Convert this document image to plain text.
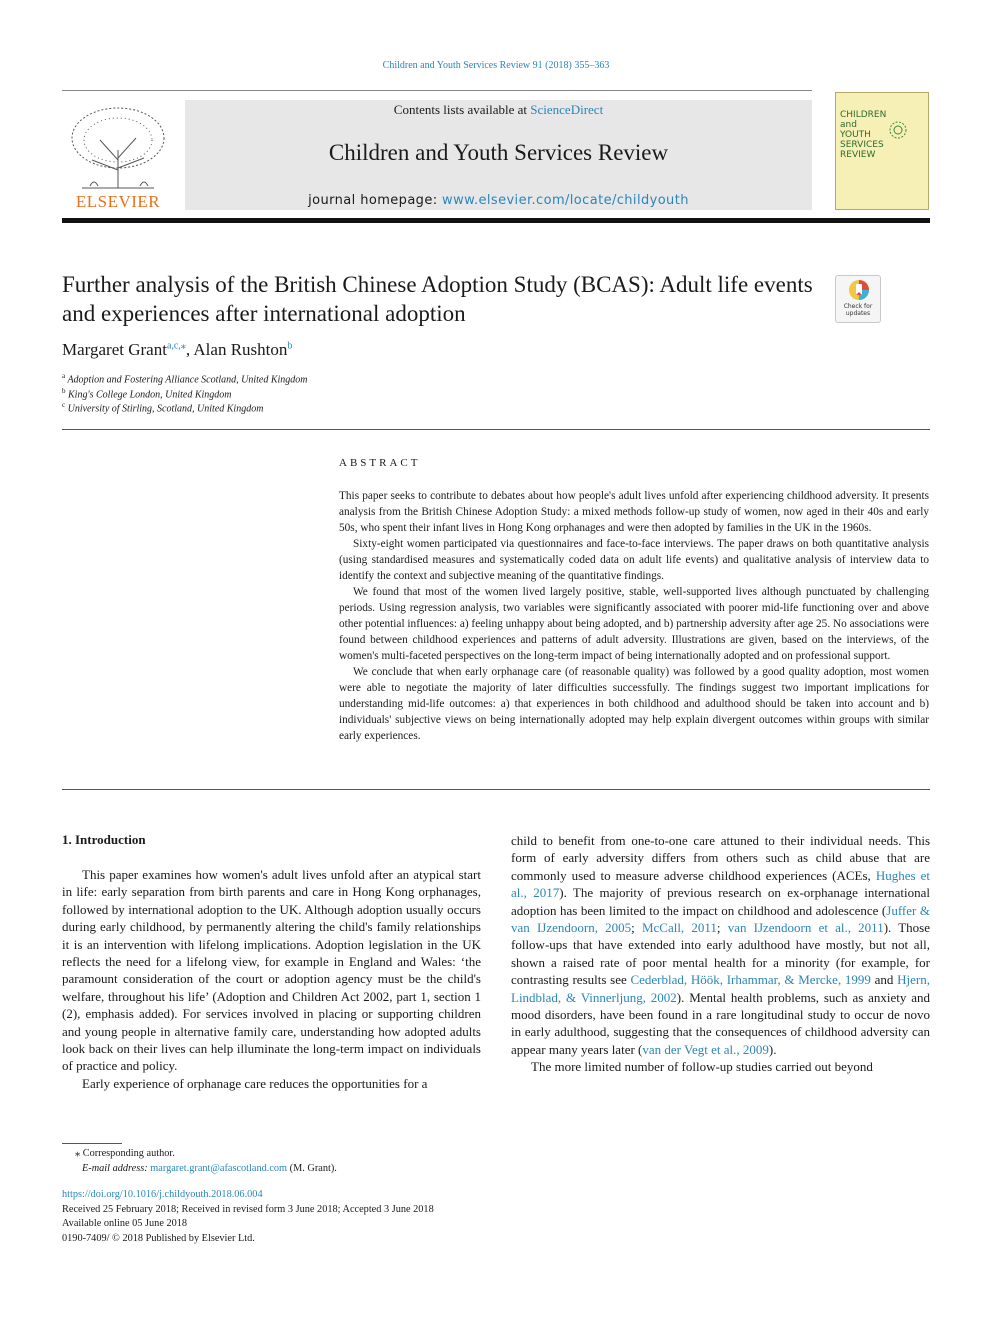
Children and Youth Services Review 91 (2018) 355–363
ELSEVIER
Contents lists available at ScienceDirect
Children and Youth Services Review
journal homepage: www.elsevier.com/locate/childyouth
CHILDREN
and
YOUTH
SERVICES
REVIEW
Further analysis of the British Chinese Adoption Study (BCAS): Adult life events and experiences after international adoption	Check for updates
Margaret Grant$^{a,c,⁎}$, Alan Rushton$^b$
$^a$ Adoption and Fostering Alliance Scotland, United Kingdom
$^b$ King's College London, United Kingdom
$^c$ University of Stirling, Scotland, United Kingdom
ABSTRACT

This paper seeks to contribute to debates about how people's adult lives unfold after experiencing childhood adversity. It presents analysis from the British Chinese Adoption Study: a mixed methods follow-up study of women, now aged in their 40s and early 50s, who spent their infant lives in Hong Kong orphanages and were then adopted by families in the UK in the 1960s.

Sixty-eight women participated via questionnaires and face-to-face interviews. The paper draws on both quantitative analysis (using standardised measures and systematically coded data on adult life events) and qualitative analysis of interview data to identify the context and subjective meaning of the quantitative findings.

We found that most of the women lived largely positive, stable, well-supported lives although punctuated by challenging periods. Using regression analysis, two variables were significantly associated with poorer mid-life functioning over and above other potential influences: a) feeling unhappy about being adopted, and b) partnership adversity after age 25. No associations were found between childhood experiences and patterns of adult adversity. Illustrations are given, based on the interviews, of the women's multi-faceted perspectives on the long-term impact of being internationally adopted and on professional support.

We conclude that when early orphanage care (of reasonable quality) was followed by a good quality adoption, most women were able to negotiate the majority of later difficulties successfully. The findings suggest two important implications for understanding mid-life outcomes: a) that experiences in both childhood and adulthood should be taken into account and b) individuals' subjective views on being internationally adopted may help explain divergent outcomes within groups with similar early experiences.

1. Introduction

This paper examines how women's adult lives unfold after an atypical start in life: early separation from birth parents and care in Hong Kong orphanages, followed by international adoption to the UK. Although adoption usually occurs during early childhood, by permanently altering the child's family relationships it is an intervention with lifelong implications. Adoption legislation in the UK reflects the need for a lifelong view, for example in England and Wales: ‘the paramount consideration of the court or adoption agency must be the child's welfare, throughout his life’ (Adoption and Children Act 2002, part 1, section 1 (2), emphasis added). For services involved in placing or supporting children and young people in alternative family care, understanding how adopted adults look back on their lives can help illuminate the long-term impact on individuals of practice and policy.

Early experience of orphanage care reduces the opportunities for a

child to benefit from one-to-one care attuned to their individual needs. This form of early adversity differs from others such as child abuse that are commonly used to measure adverse childhood experiences (ACEs, Hughes et al., 2017). The majority of previous research on ex-orphanage international adoption has been limited to the impact on childhood and adolescence (Juffer & van IJzendoorn, 2005; McCall, 2011; van IJzendoorn et al., 2011). Those follow-ups that have extended into early adulthood have mostly, but not all, shown a raised rate of poor mental health for a minority (for example, for contrasting results see Cederblad, Höök, Irhammar, & Mercke, 1999 and Hjern, Lindblad, & Vinnerljung, 2002). Mental health problems, such as anxiety and mood disorders, have been found in a rare longitudinal study to occur de novo in early adulthood, suggesting that the consequences of childhood adversity can appear many years later (van der Vegt et al., 2009).

The more limited number of follow-up studies carried out beyond

⁎ Corresponding author.
E-mail address: margaret.grant@afascotland.com (M. Grant).
https://doi.org/10.1016/j.childyouth.2018.06.004
Received 25 February 2018; Received in revised form 3 June 2018; Accepted 3 June 2018
Available online 05 June 2018
0190-7409/ © 2018 Published by Elsevier Ltd.
